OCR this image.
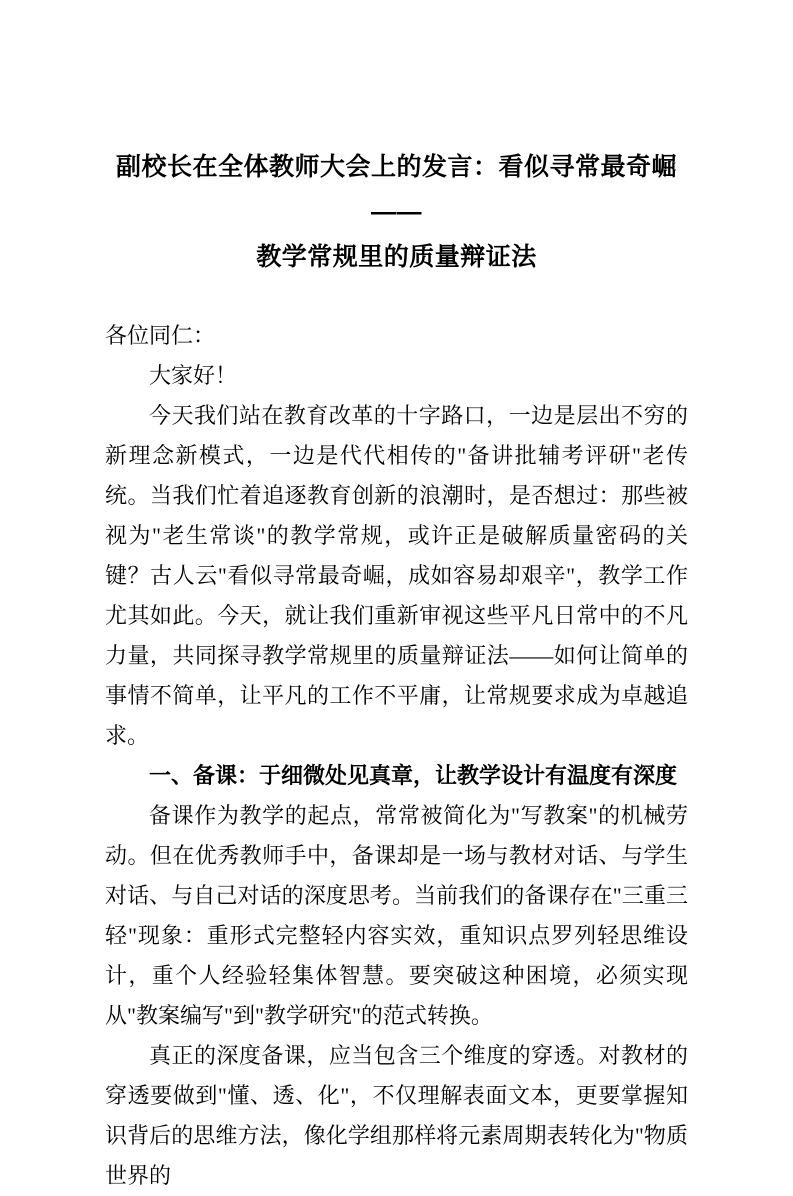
副校长在全体教师大会上的发言：看似寻常最奇崛——
教学常规里的质量辩证法

各位同仁：

大家好！

今天我们站在教育改革的十字路口，一边是层出不穷的新理念新模式，一边是代代相传的"备讲批辅考评研"老传统。当我们忙着追逐教育创新的浪潮时，是否想过：那些被视为"老生常谈"的教学常规，或许正是破解质量密码的关键？古人云"看似寻常最奇崛，成如容易却艰辛"，教学工作尤其如此。今天，就让我们重新审视这些平凡日常中的不凡力量，共同探寻教学常规里的质量辩证法——如何让简单的事情不简单，让平凡的工作不平庸，让常规要求成为卓越追求。

一、备课：于细微处见真章，让教学设计有温度有深度

备课作为教学的起点，常常被简化为"写教案"的机械劳动。但在优秀教师手中，备课却是一场与教材对话、与学生对话、与自己对话的深度思考。当前我们的备课存在"三重三轻"现象：重形式完整轻内容实效，重知识点罗列轻思维设计，重个人经验轻集体智慧。要突破这种困境，必须实现从"教案编写"到"教学研究"的范式转换。

真正的深度备课，应当包含三个维度的穿透。对教材的穿透要做到"懂、透、化"，不仅理解表面文本，更要掌握知识背后的思维方法，像化学组那样将元素周期表转化为"物质世界的
